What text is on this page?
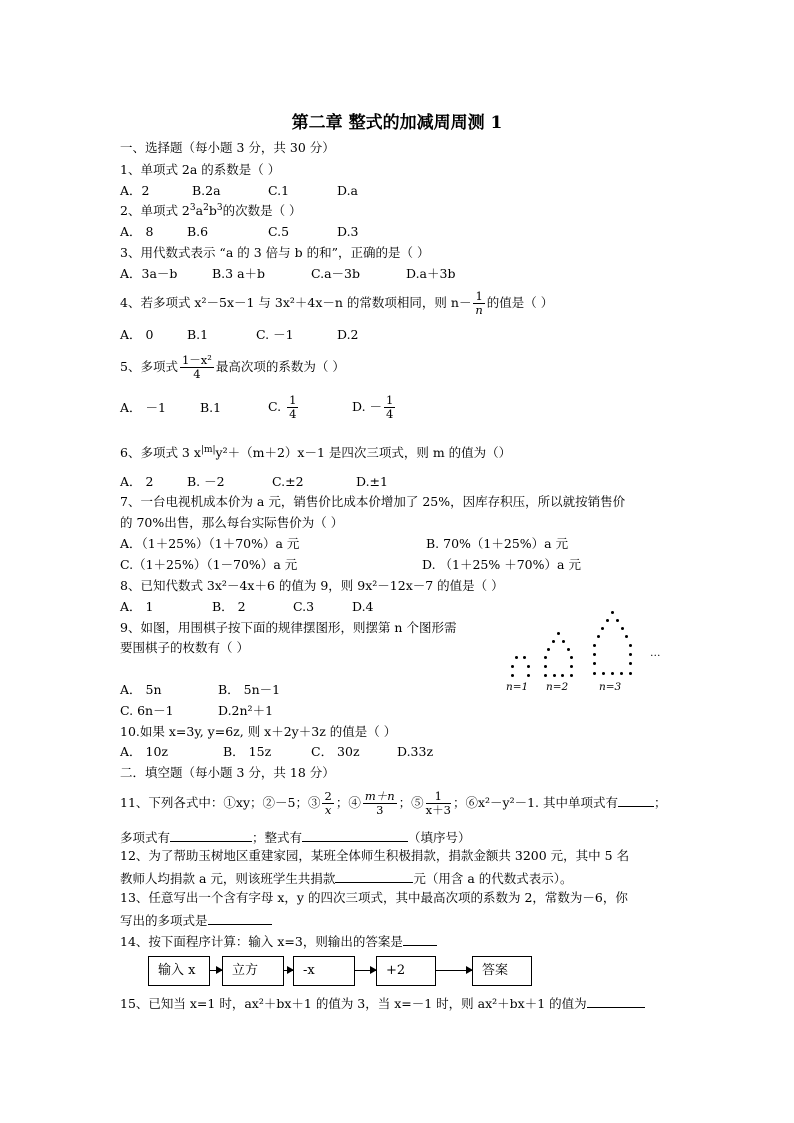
第二章 整式的加减周周测 1
一、选择题（每小题 3 分，共 30 分）
1、单项式 2a 的系数是（ ）
A．2	B.2a	C.1	D.a
2、单项式 $2^3a^2b^3$的次数是（ ）
A． 8	B.6	C.5	D.3
3、用代数式表示 “a 的 3 倍与 b 的和”，正确的是（ ）
A．3a－b	B.3 a＋b	C.a－3b	D.a＋3b
4、若多项式 x²－5x－1 与 3x²＋4x－n 的常数项相同，则 $n- \frac{1}{n}$ 的值是（ ）
A． 0	B.1	C. －1	D.2
5、多项式 $\frac{\text{1－x²}}{4}$ 最高次项的系数为（ ）
A． －1	B.1	C. $\frac{1}{4}$	D. － $\frac{1}{4}$
6、多项式 3 $x^{|m|}y^2+(m+2)x-1$ 是四次三项式，则 m 的值为（）
A． 2	B. －2	C.±2	D.±1
7、一台电视机成本价为 a 元，销售价比成本价增加了 25%，因库存积压，所以就按销售价
的 70%出售，那么每台实际售价为（ ）
A．（1＋25%）（1＋70%）a 元	B. 70%（1＋25%）a 元
C.（1＋25%）（1－70%）a 元	D. （1＋25% ＋70%）a 元
8、已知代数式 3x²－4x＋6 的值为 9，则 9x²－12x－7 的值是（ ）
A． 1	B． 2	C.3	D.4
9、如图，用围棋子按下面的规律摆图形，则摆第 n 个图形需
要围棋子的枚数有（ ）
A． 5n	B． 5n－1
C. 6n－1	D.2n²＋1
n=1 n=2	n=3
…
10.如果 x=3y, y=6z, 则 x＋2y＋3z 的值是（ ）
A． 10z	B． 15z	C． 30z	D.33z
二．填空题（每小题 3 分，共 18 分）
11、下列各式中：①xy；②－5；③ $\frac{2}{x}$ ；④ $\frac{m+n}{3}$ ；⑤ $\frac{1}{x+3}$ ；⑥x²－y²－1. 其中单项式有	；
多项式有	；整式有	（填序号）
12、为了帮助玉树地区重建家园，某班全体师生积极捐款，捐款金额共 3200 元，其中 5 名
教师人均捐款 a 元，则该班学生共捐款	元（用含 a 的代数式表示）。
13、任意写出一个含有字母 x，y 的四次三项式，其中最高次项的系数为 2，常数为－6，你
写出的多项式是
14、按下面程序计算：输入 x=3，则输出的答案是
输入 x	立方	-x	+2	答案
15、已知当 x=1 时，ax²＋bx＋1 的值为 3，当 x=－1 时，则 ax²＋bx＋1 的值为
